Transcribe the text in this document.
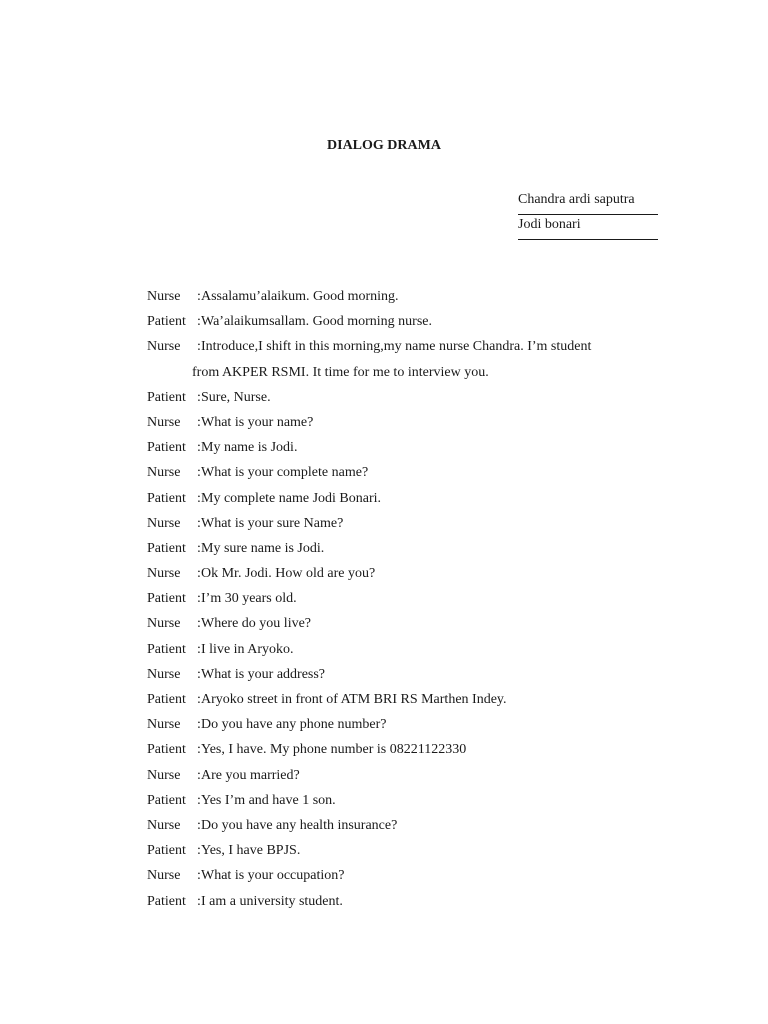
DIALOG DRAMA
Chandra ardi saputra
Jodi bonari
Nurse	: Assalamu’alaikum. Good morning.
Patient : Wa’alaikumsallam. Good morning nurse.
Nurse	: Introduce,I shift in this morning,my name nurse Chandra. I’m student
from AKPER RSMI. It time for me to interview you.
Patient : Sure, Nurse.
Nurse	: What is your name?
Patient : My name is Jodi.
Nurse	: What is your complete name?
Patient : My complete name Jodi Bonari.
Nurse	: What is your sure Name?
Patient : My sure name is Jodi.
Nurse	: Ok Mr. Jodi. How old are you?
Patient : I’m 30 years old.
Nurse	: Where do you live?
Patient : I live in Aryoko.
Nurse	: What is your address?
Patient : Aryoko street in front of ATM BRI RS Marthen Indey.
Nurse	: Do you have any phone number?
Patient : Yes, I have. My phone number is 08221122330
Nurse	: Are you married?
Patient : Yes I’m and have 1 son.
Nurse	: Do you have any health insurance?
Patient : Yes, I have BPJS.
Nurse	: What is your occupation?
Patient : I am a university student.
